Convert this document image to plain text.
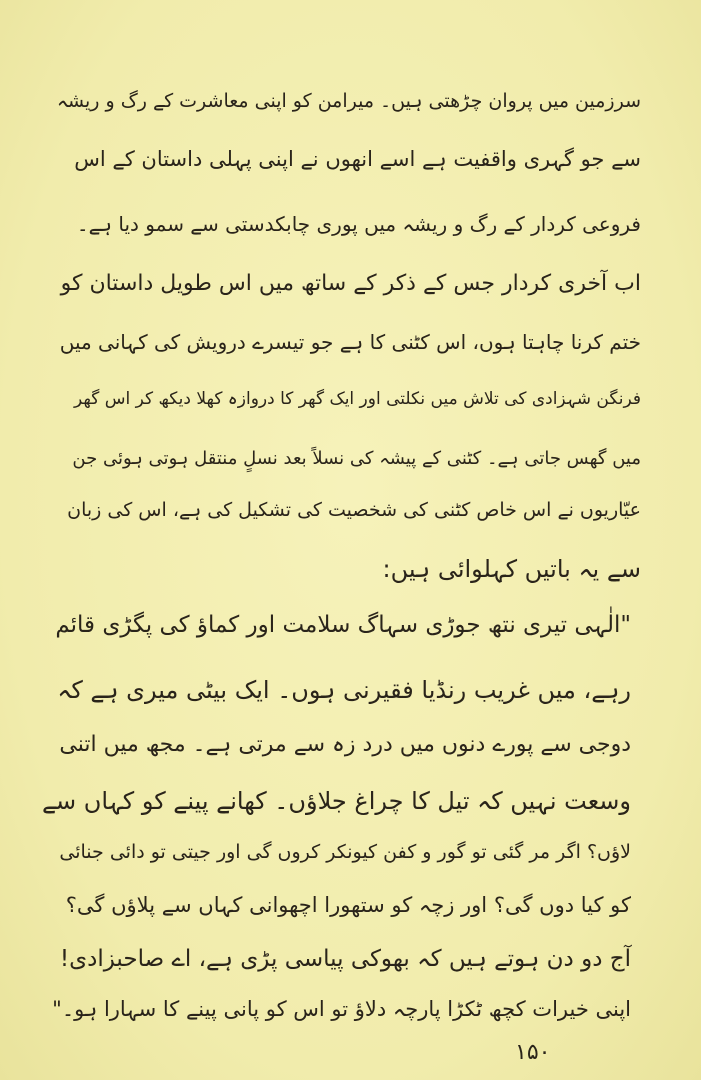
سرزمین میں پروان چڑھتی ہیں۔ میرامن کو اپنی معاشرت کے رگ و ریشہ
سے جو گہری واقفیت ہے اسے انھوں نے اپنی پہلی داستان کے اس
فروعی کردار کے رگ و ریشہ میں پوری چابکدستی سے سمو دیا ہے۔
اب آخری کردار جس کے ذکر کے ساتھ میں اس طویل داستان کو
ختم کرنا چاہتا ہوں، اس کٹنی کا ہے جو تیسرے درویش کی کہانی میں
فرنگن شہزادی کی تلاش میں نکلتی اور ایک گھر کا دروازہ کھلا دیکھ کر اس گھر
میں گھس جاتی ہے۔ کٹنی کے پیشہ کی نسلاً بعد نسلٍ منتقل ہوتی ہوئی جن
عیّاریوں نے اس خاص کٹنی کی شخصیت کی تشکیل کی ہے، اس کی زبان
سے یہ باتیں کہلوائی ہیں:
"الٰہی تیری نتھ جوڑی سہاگ سلامت اور کماؤ کی پگڑی قائم
رہے، میں غریب رنڈیا فقیرنی ہوں۔ ایک بیٹی میری ہے کہ
دوجی سے پورے دنوں میں درد زہ سے مرتی ہے۔ مجھ میں اتنی
وسعت نہیں کہ تیل کا چراغ جلاؤں۔ کھانے پینے کو کہاں سے
لاؤں؟ اگر مر گئی تو گور و کفن کیونکر کروں گی اور جیتی تو دائی جنائی
کو کیا دوں گی؟ اور زچہ کو ستھورا اچھوانی کہاں سے پلاؤں گی؟
آج دو دن ہوتے ہیں کہ بھوکی پیاسی پڑی ہے، اے صاحبزادی!
اپنی خیرات کچھ ٹکڑا پارچہ دلاؤ تو اس کو پانی پینے کا سہارا ہو۔"
۱۵۰
